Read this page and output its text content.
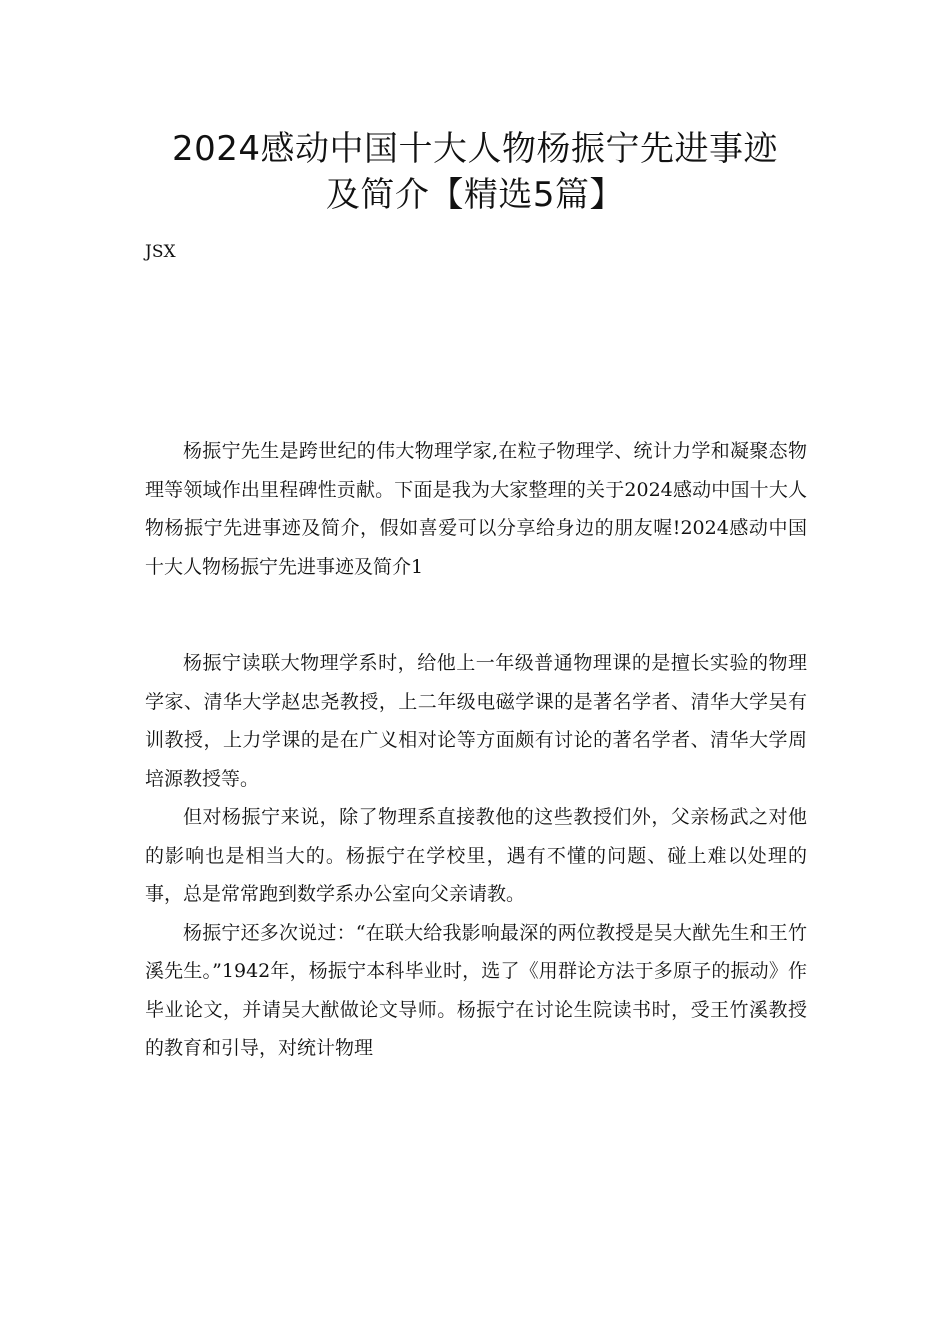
2024感动中国十大人物杨振宁先进事迹
及简介【精选5篇】
JSX

杨振宁先生是跨世纪的伟大物理学家,在粒子物理学、统计力学和凝聚态物理等领域作出里程碑性贡献。下面是我为大家整理的关于2024感动中国十大人物杨振宁先进事迹及简介，假如喜爱可以分享给身边的朋友喔!2024感动中国十大人物杨振宁先进事迹及简介1

杨振宁读联大物理学系时，给他上一年级普通物理课的是擅长实验的物理学家、清华大学赵忠尧教授，上二年级电磁学课的是著名学者、清华大学吴有训教授，上力学课的是在广义相对论等方面颇有讨论的著名学者、清华大学周培源教授等。

但对杨振宁来说，除了物理系直接教他的这些教授们外，父亲杨武之对他的影响也是相当大的。杨振宁在学校里，遇有不懂的问题、碰上难以处理的事，总是常常跑到数学系办公室向父亲请教。

杨振宁还多次说过：“在联大给我影响最深的两位教授是吴大猷先生和王竹溪先生。”1942年，杨振宁本科毕业时，选了《用群论方法于多原子的振动》作毕业论文，并请吴大猷做论文导师。杨振宁在讨论生院读书时，受王竹溪教授的教育和引导，对统计物理
